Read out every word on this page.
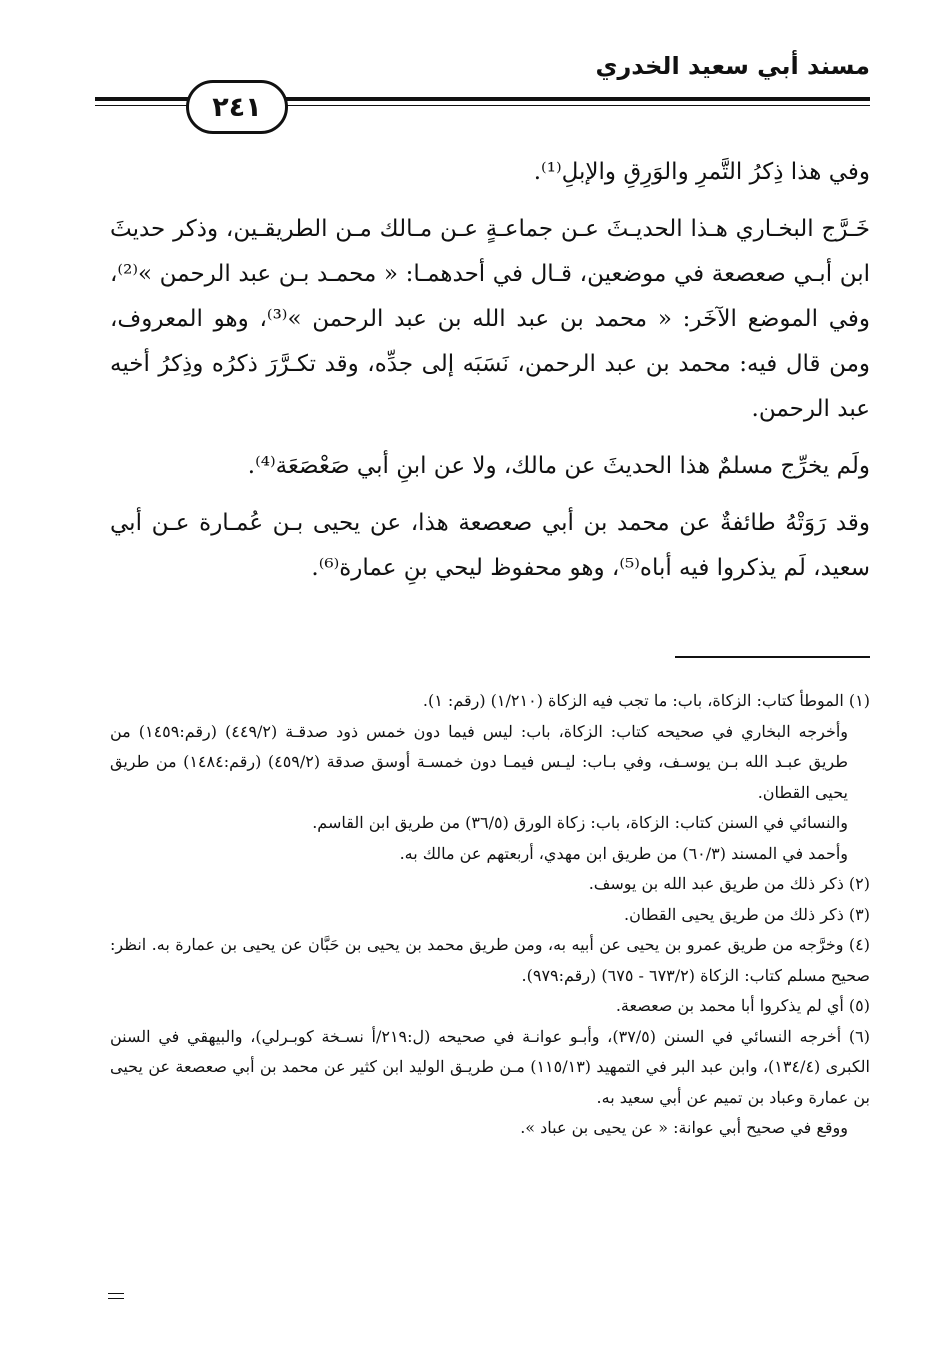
مسند أبي سعيد الخدري
٢٤١

وفي هذا ذِكرُ التَّمرِ والوَرِقِ والإبلِ⁽¹⁾.

خَـرَّج البخـاري هـذا الحديـثَ عـن جماعـةٍ عـن مـالك مـن الطريقـين، وذكر حديثَ ابن أبـي صعصعة في موضعين، قـال في أحدهمـا: « محمـد بـن عبد الرحمن »⁽²⁾، وفي الموضع الآخَر: « محمد بن عبد الله بن عبد الرحمن »⁽³⁾، وهو المعروف، ومن قال فيه: محمد بن عبد الرحمن، نَسَبَه إلى جدِّه، وقد تكـرَّرَ ذكرُه وذِكرُ أخيه عبد الرحمن.

ولَم يخرِّج مسلمٌ هذا الحديثَ عن مالك، ولا عن ابنِ أبي صَعْصَعَة⁽⁴⁾.

وقد رَوَتْهُ طائفةٌ عن محمد بن أبي صعصعة هذا، عن يحيى بـن عُمـارة عـن أبي سعيد، لَم يذكروا فيه أباه⁽⁵⁾، وهو محفوظ ليحي بنِ عمارة⁽⁶⁾.

(١) الموطأ كتاب: الزكاة، باب: ما تجب فيه الزكاة (١/٢١٠) (رقم: ١).

وأخرجه البخاري في صحيحه كتاب: الزكاة، باب: ليس فيما دون خمس ذود صدقـة (٤٤٩/٢) (رقم:١٤٥٩) من طريق عبـد الله بـن يوسـف، وفي بـاب: ليـس فيمـا دون خمسـة أوسق صدقة (٤٥٩/٢) (رقم:١٤٨٤) من طريق يحيى القطان.

والنسائي في السنن كتاب: الزكاة، باب: زكاة الورق (٣٦/٥) من طريق ابن القاسم.

وأحمد في المسند (٦٠/٣) من طريق ابن مهدي، أربعتهم عن مالك به.

(٢) ذكر ذلك من طريق عبد الله بن يوسف.

(٣) ذكر ذلك من طريق يحيى القطان.

(٤) وخرَّجه من طريق عمرو بن يحيى عن أبيه به، ومن طريق محمد بن يحيى بن حَبَّان عن يحيى بن عمارة به. انظر: صحيح مسلم كتاب: الزكاة (٦٧٣/٢ - ٦٧٥) (رقم:٩٧٩).

(٥) أي لم يذكروا أبا محمد بن صعصعة.

(٦) أخرجه النسائي في السنن (٣٧/٥)، وأبـو عوانـة في صحيحه (ل:٢١٩/أ نسـخة كوبـرلي)، والبيهقي في السنن الكبرى (١٣٤/٤)، وابن عبد البر في التمهيد (١١٥/١٣) مـن طريـق الوليد ابن كثير عن محمد بن أبي صعصعة عن يحيى بن عمارة وعباد بن تميم عن أبي سعيد به.

ووقع في صحيح أبي عوانة: « عن يحيى بن عباد ».
